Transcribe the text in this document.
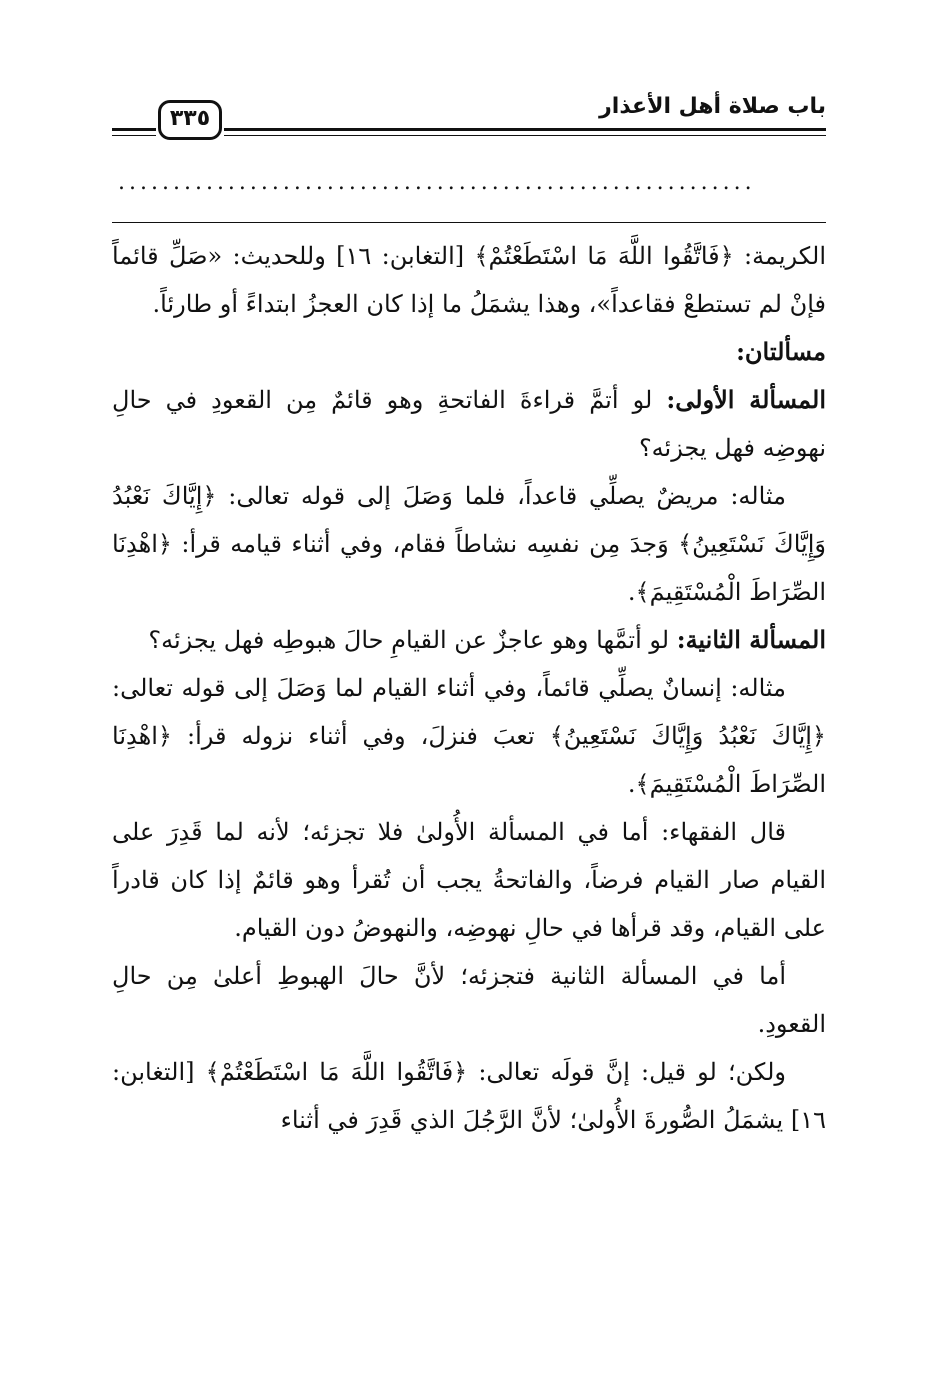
باب صلاة أهل الأعذار
٣٣٥
..........................................................

الكريمة: ﴿فَاتَّقُوا اللَّهَ مَا اسْتَطَعْتُمْ﴾ [التغابن: ١٦] وللحديث: «صَلِّ قائماً فإنْ لم تستطعْ فقاعداً»، وهذا يشمَلُ ما إذا كان العجزُ ابتداءً أو طارئاً.

مسألتان:

المسألة الأولى: لو أتمَّ قراءةَ الفاتحةِ وهو قائمٌ مِن القعودِ في حالِ نهوضِه فهل يجزئه؟

مثاله: مريضٌ يصلِّي قاعداً، فلما وَصَلَ إلى قوله تعالى: ﴿إِيَّاكَ نَعْبُدُ وَإِيَّاكَ نَسْتَعِينُ﴾ وَجدَ مِن نفسِه نشاطاً فقام، وفي أثناء قيامه قرأ: ﴿اهْدِنَا الصِّرَاطَ الْمُسْتَقِيمَ﴾.

المسألة الثانية: لو أتمَّها وهو عاجزٌ عن القيامِ حالَ هبوطِه فهل يجزئه؟

مثاله: إنسانٌ يصلِّي قائماً، وفي أثناء القيام لما وَصَلَ إلى قوله تعالى: ﴿إِيَّاكَ نَعْبُدُ وَإِيَّاكَ نَسْتَعِينُ﴾ تعبَ فنزلَ، وفي أثناء نزوله قرأ: ﴿اهْدِنَا الصِّرَاطَ الْمُسْتَقِيمَ﴾.

قال الفقهاء: أما في المسألة الأُولىٰ فلا تجزئه؛ لأنه لما قَدِرَ على القيام صار القيام فرضاً، والفاتحةُ يجب أن تُقرأ وهو قائمٌ إذا كان قادراً على القيام، وقد قرأها في حالِ نهوضِه، والنهوضُ دون القيام.

أما في المسألة الثانية فتجزئه؛ لأنَّ حالَ الهبوطِ أعلىٰ مِن حالِ القعودِ.

ولكن؛ لو قيل: إنَّ قولَه تعالى: ﴿فَاتَّقُوا اللَّهَ مَا اسْتَطَعْتُمْ﴾ [التغابن: ١٦] يشمَلُ الصُّورةَ الأُولىٰ؛ لأنَّ الرَّجُلَ الذي قَدِرَ في أثناء
